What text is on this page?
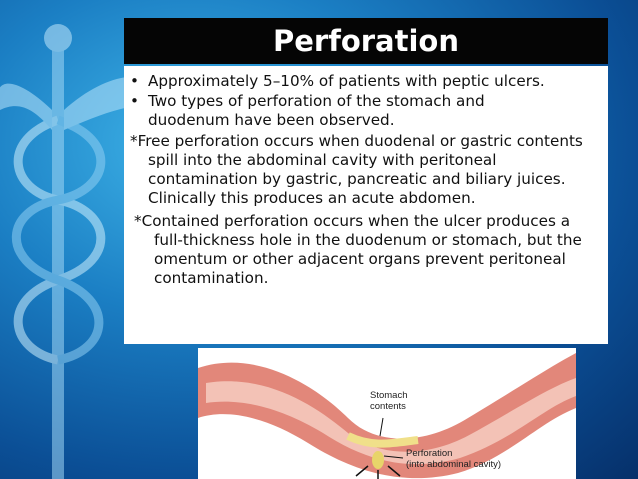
Perforation
• Approximately 5–10% of patients with peptic ulcers.
• Two types of perforation of the stomach and duodenum have been observed.
*Free perforation occurs when duodenal or gastric contents spill into the abdominal cavity with peritoneal contamination by gastric, pancreatic and biliary juices. Clinically this produces an acute abdomen.
*Contained perforation occurs when the ulcer produces a full-thickness hole in the duodenum or stomach, but the omentum or other adjacent organs prevent peritoneal contamination.
Stomach
contents
Perforation
(into abdominal cavity)
